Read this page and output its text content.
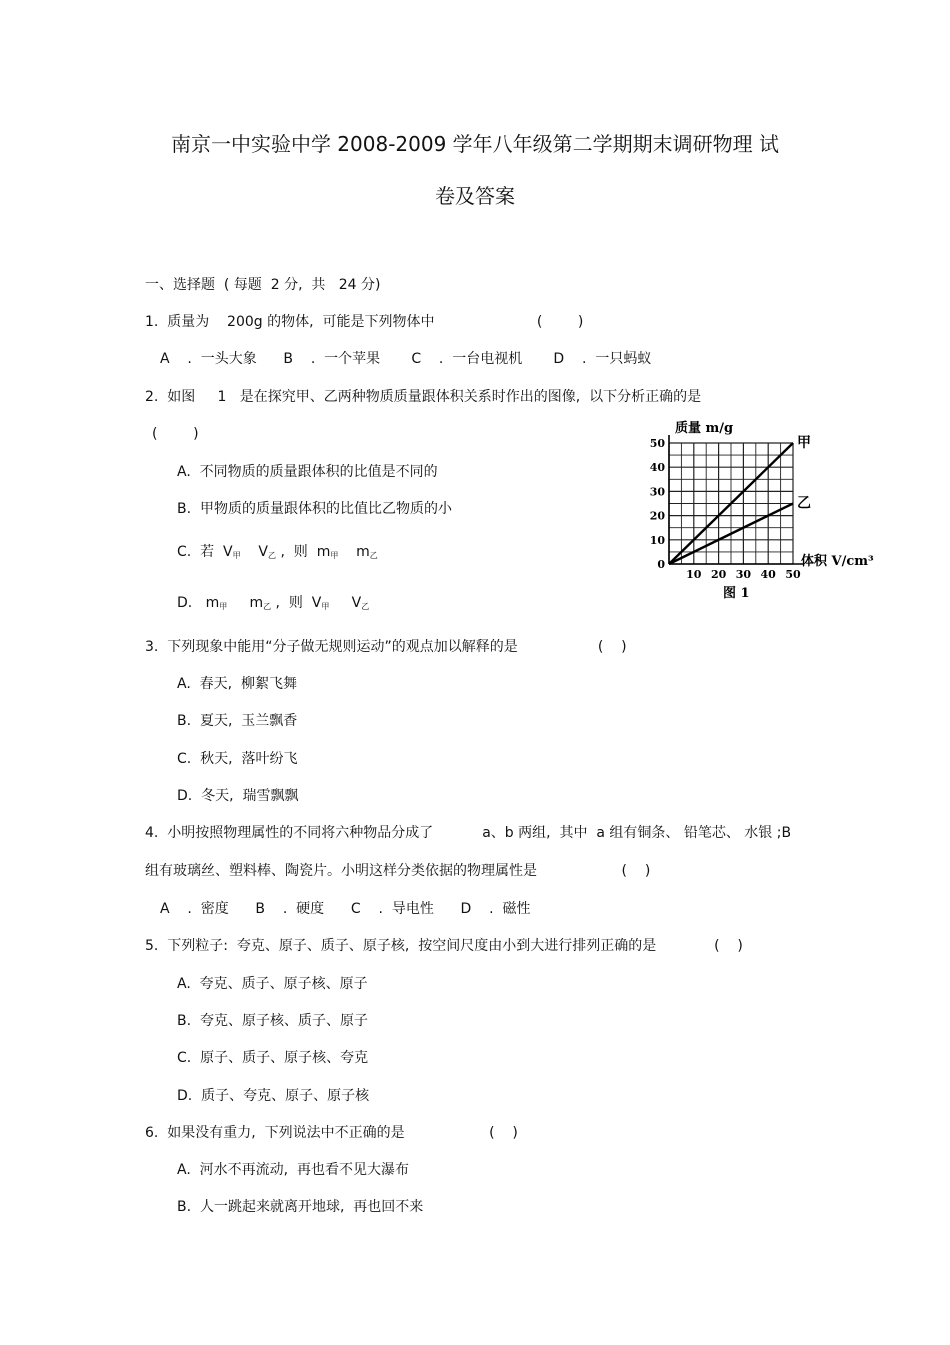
南京一中实验中学 2008-2009 学年八年级第二学期期末调研物理 试
卷及答案
一、选择题  ( 每题  2 分,  共   24 分)
1.  质量为    200g 的物体,  可能是下列物体中                       (        )
A    .  一头大象      B    .  一个苹果       C    .  一台电视机       D    .  一只蚂蚁
2.  如图     1   是在探究甲、乙两种物质质量跟体积关系时作出的图像,  以下分析正确的是
(        )
A.  不同物质的质量跟体积的比值是不同的
B.  甲物质的质量跟体积的比值比乙物质的小
C.  若  $V_甲$    $V_乙$ ,  则  $m_甲$    $m_乙$
D.   $m_甲$     $m_乙$ ,  则  $V_甲$     $V_乙$
质量 m/g
体积 V/cm³
图 1
10 20 30 40 50
0
10
20
30
40
50	甲
乙
3.  下列现象中能用“分子做无规则运动”的观点加以解释的是                  (    )
A.  春天,  柳絮飞舞
B.  夏天,  玉兰飘香
C.  秋天,  落叶纷飞
D.  冬天,  瑞雪飘飘
4.  小明按照物理属性的不同将六种物品分成了           a、b 两组,  其中  a 组有铜条、 铅笔芯、 水银 ;B
组有玻璃丝、塑料棒、陶瓷片。小明这样分类依据的物理属性是                   (    )
A    .  密度      B    .  硬度      C    .  导电性      D    .  磁性
5.  下列粒子:  夸克、原子、质子、原子核,  按空间尺度由小到大进行排列正确的是             (    )
A.  夸克、质子、原子核、原子
B.  夸克、原子核、质子、原子
C.  原子、质子、原子核、夸克
D.  质子、夸克、原子、原子核
6.  如果没有重力,  下列说法中不正确的是                   (    )
A.  河水不再流动,  再也看不见大瀑布
B.  人一跳起来就离开地球,  再也回不来
